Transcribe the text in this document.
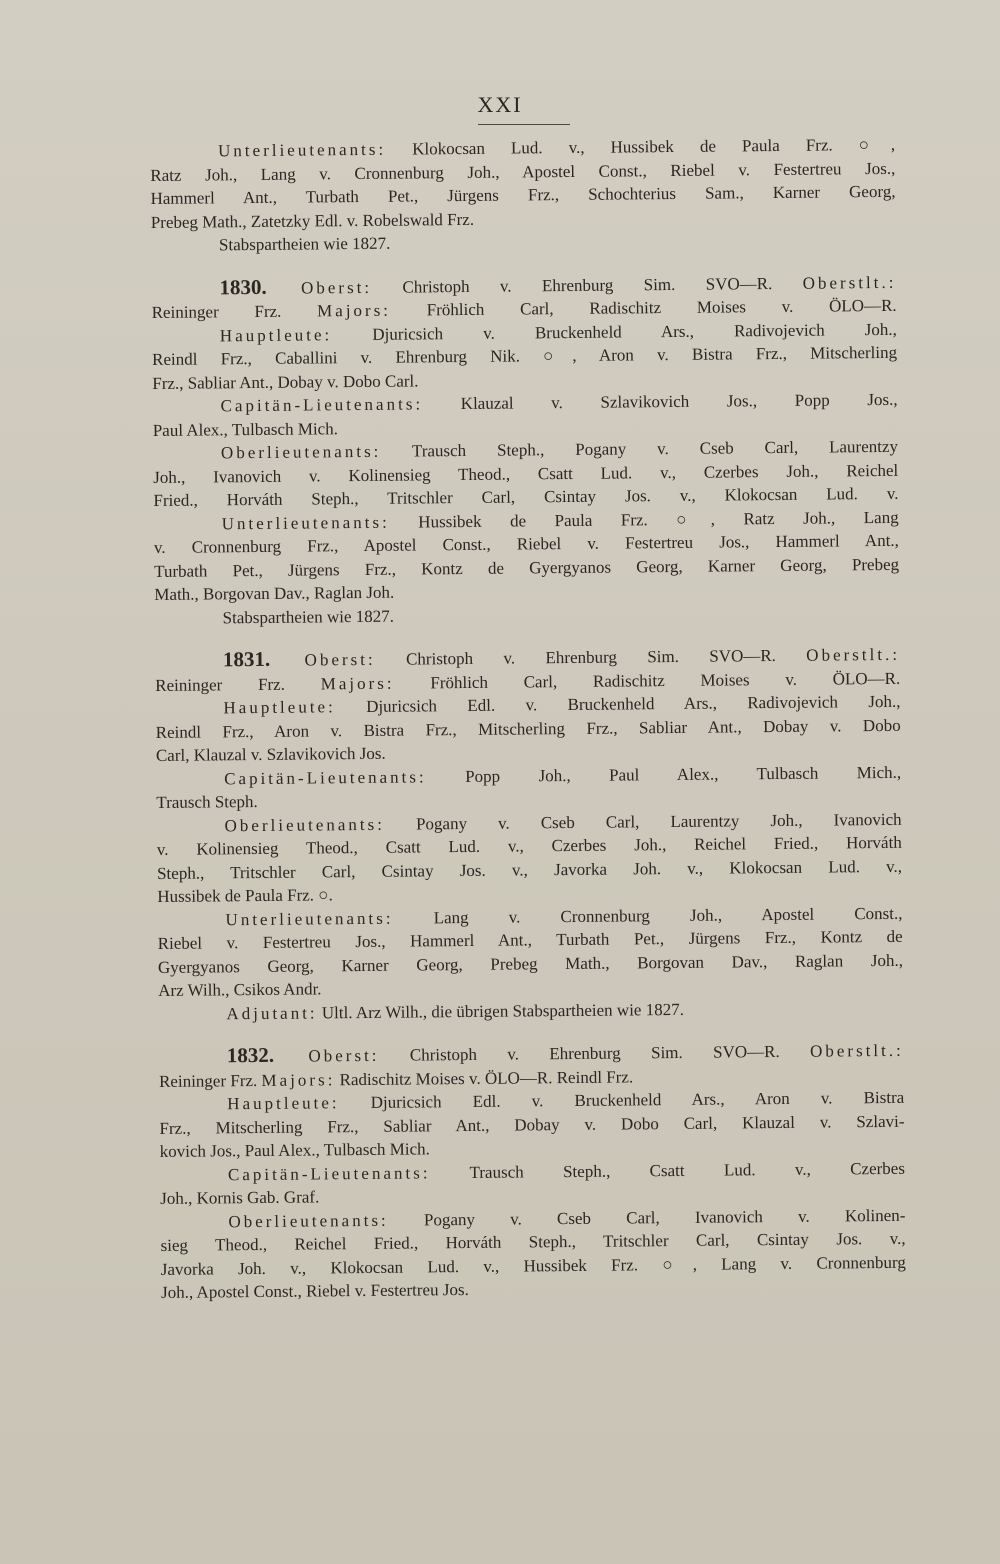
XXI

Unterlieutenants: Klokocsan Lud. v., Hussibek de Paula Frz. ○,

Ratz Joh., Lang v. Cronnenburg Joh., Apostel Const., Riebel v. Festertreu Jos.,

Hammerl Ant., Turbath Pet., Jürgens Frz., Schochterius Sam., Karner Georg,

Prebeg Math., Zatetzky Edl. v. Robelswald Frz.

Stabspartheien wie 1827.

1830. Oberst: Christoph v. Ehrenburg Sim. SVO—R. Oberstlt.:

Reininger Frz. Majors: Fröhlich Carl, Radischitz Moises v. ÖLO—R.

Hauptleute: Djuricsich v. Bruckenheld Ars., Radivojevich Joh.,

Reindl Frz., Caballini v. Ehrenburg Nik. ○, Aron v. Bistra Frz., Mitscherling

Frz., Sabliar Ant., Dobay v. Dobo Carl.

Capitän-Lieutenants: Klauzal v. Szlavikovich Jos., Popp Jos.,

Paul Alex., Tulbasch Mich.

Oberlieutenants: Trausch Steph., Pogany v. Cseb Carl, Laurentzy

Joh., Ivanovich v. Kolinensieg Theod., Csatt Lud. v., Czerbes Joh., Reichel

Fried., Horváth Steph., Tritschler Carl, Csintay Jos. v., Klokocsan Lud. v.

Unterlieutenants: Hussibek de Paula Frz. ○, Ratz Joh., Lang

v. Cronnenburg Frz., Apostel Const., Riebel v. Festertreu Jos., Hammerl Ant.,

Turbath Pet., Jürgens Frz., Kontz de Gyergyanos Georg, Karner Georg, Prebeg

Math., Borgovan Dav., Raglan Joh.

Stabspartheien wie 1827.

1831. Oberst: Christoph v. Ehrenburg Sim. SVO—R. Oberstlt.:

Reininger Frz. Majors: Fröhlich Carl, Radischitz Moises v. ÖLO—R.

Hauptleute: Djuricsich Edl. v. Bruckenheld Ars., Radivojevich Joh.,

Reindl Frz., Aron v. Bistra Frz., Mitscherling Frz., Sabliar Ant., Dobay v. Dobo

Carl, Klauzal v. Szlavikovich Jos.

Capitän-Lieutenants: Popp Joh., Paul Alex., Tulbasch Mich.,

Trausch Steph.

Oberlieutenants: Pogany v. Cseb Carl, Laurentzy Joh., Ivanovich

v. Kolinensieg Theod., Csatt Lud. v., Czerbes Joh., Reichel Fried., Horváth

Steph., Tritschler Carl, Csintay Jos. v., Javorka Joh. v., Klokocsan Lud. v.,

Hussibek de Paula Frz. ○.

Unterlieutenants: Lang v. Cronnenburg Joh., Apostel Const.,

Riebel v. Festertreu Jos., Hammerl Ant., Turbath Pet., Jürgens Frz., Kontz de

Gyergyanos Georg, Karner Georg, Prebeg Math., Borgovan Dav., Raglan Joh.,

Arz Wilh., Csikos Andr.

Adjutant: Ultl. Arz Wilh., die übrigen Stabspartheien wie 1827.

1832. Oberst: Christoph v. Ehrenburg Sim. SVO—R. Oberstlt.:

Reininger Frz. Majors: Radischitz Moises v. ÖLO—R. Reindl Frz.

Hauptleute: Djuricsich Edl. v. Bruckenheld Ars., Aron v. Bistra

Frz., Mitscherling Frz., Sabliar Ant., Dobay v. Dobo Carl, Klauzal v. Szlavi-

kovich Jos., Paul Alex., Tulbasch Mich.

Capitän-Lieutenants: Trausch Steph., Csatt Lud. v., Czerbes

Joh., Kornis Gab. Graf.

Oberlieutenants: Pogany v. Cseb Carl, Ivanovich v. Kolinen-

sieg Theod., Reichel Fried., Horváth Steph., Tritschler Carl, Csintay Jos. v.,

Javorka Joh. v., Klokocsan Lud. v., Hussibek Frz. ○, Lang v. Cronnenburg

Joh., Apostel Const., Riebel v. Festertreu Jos.
